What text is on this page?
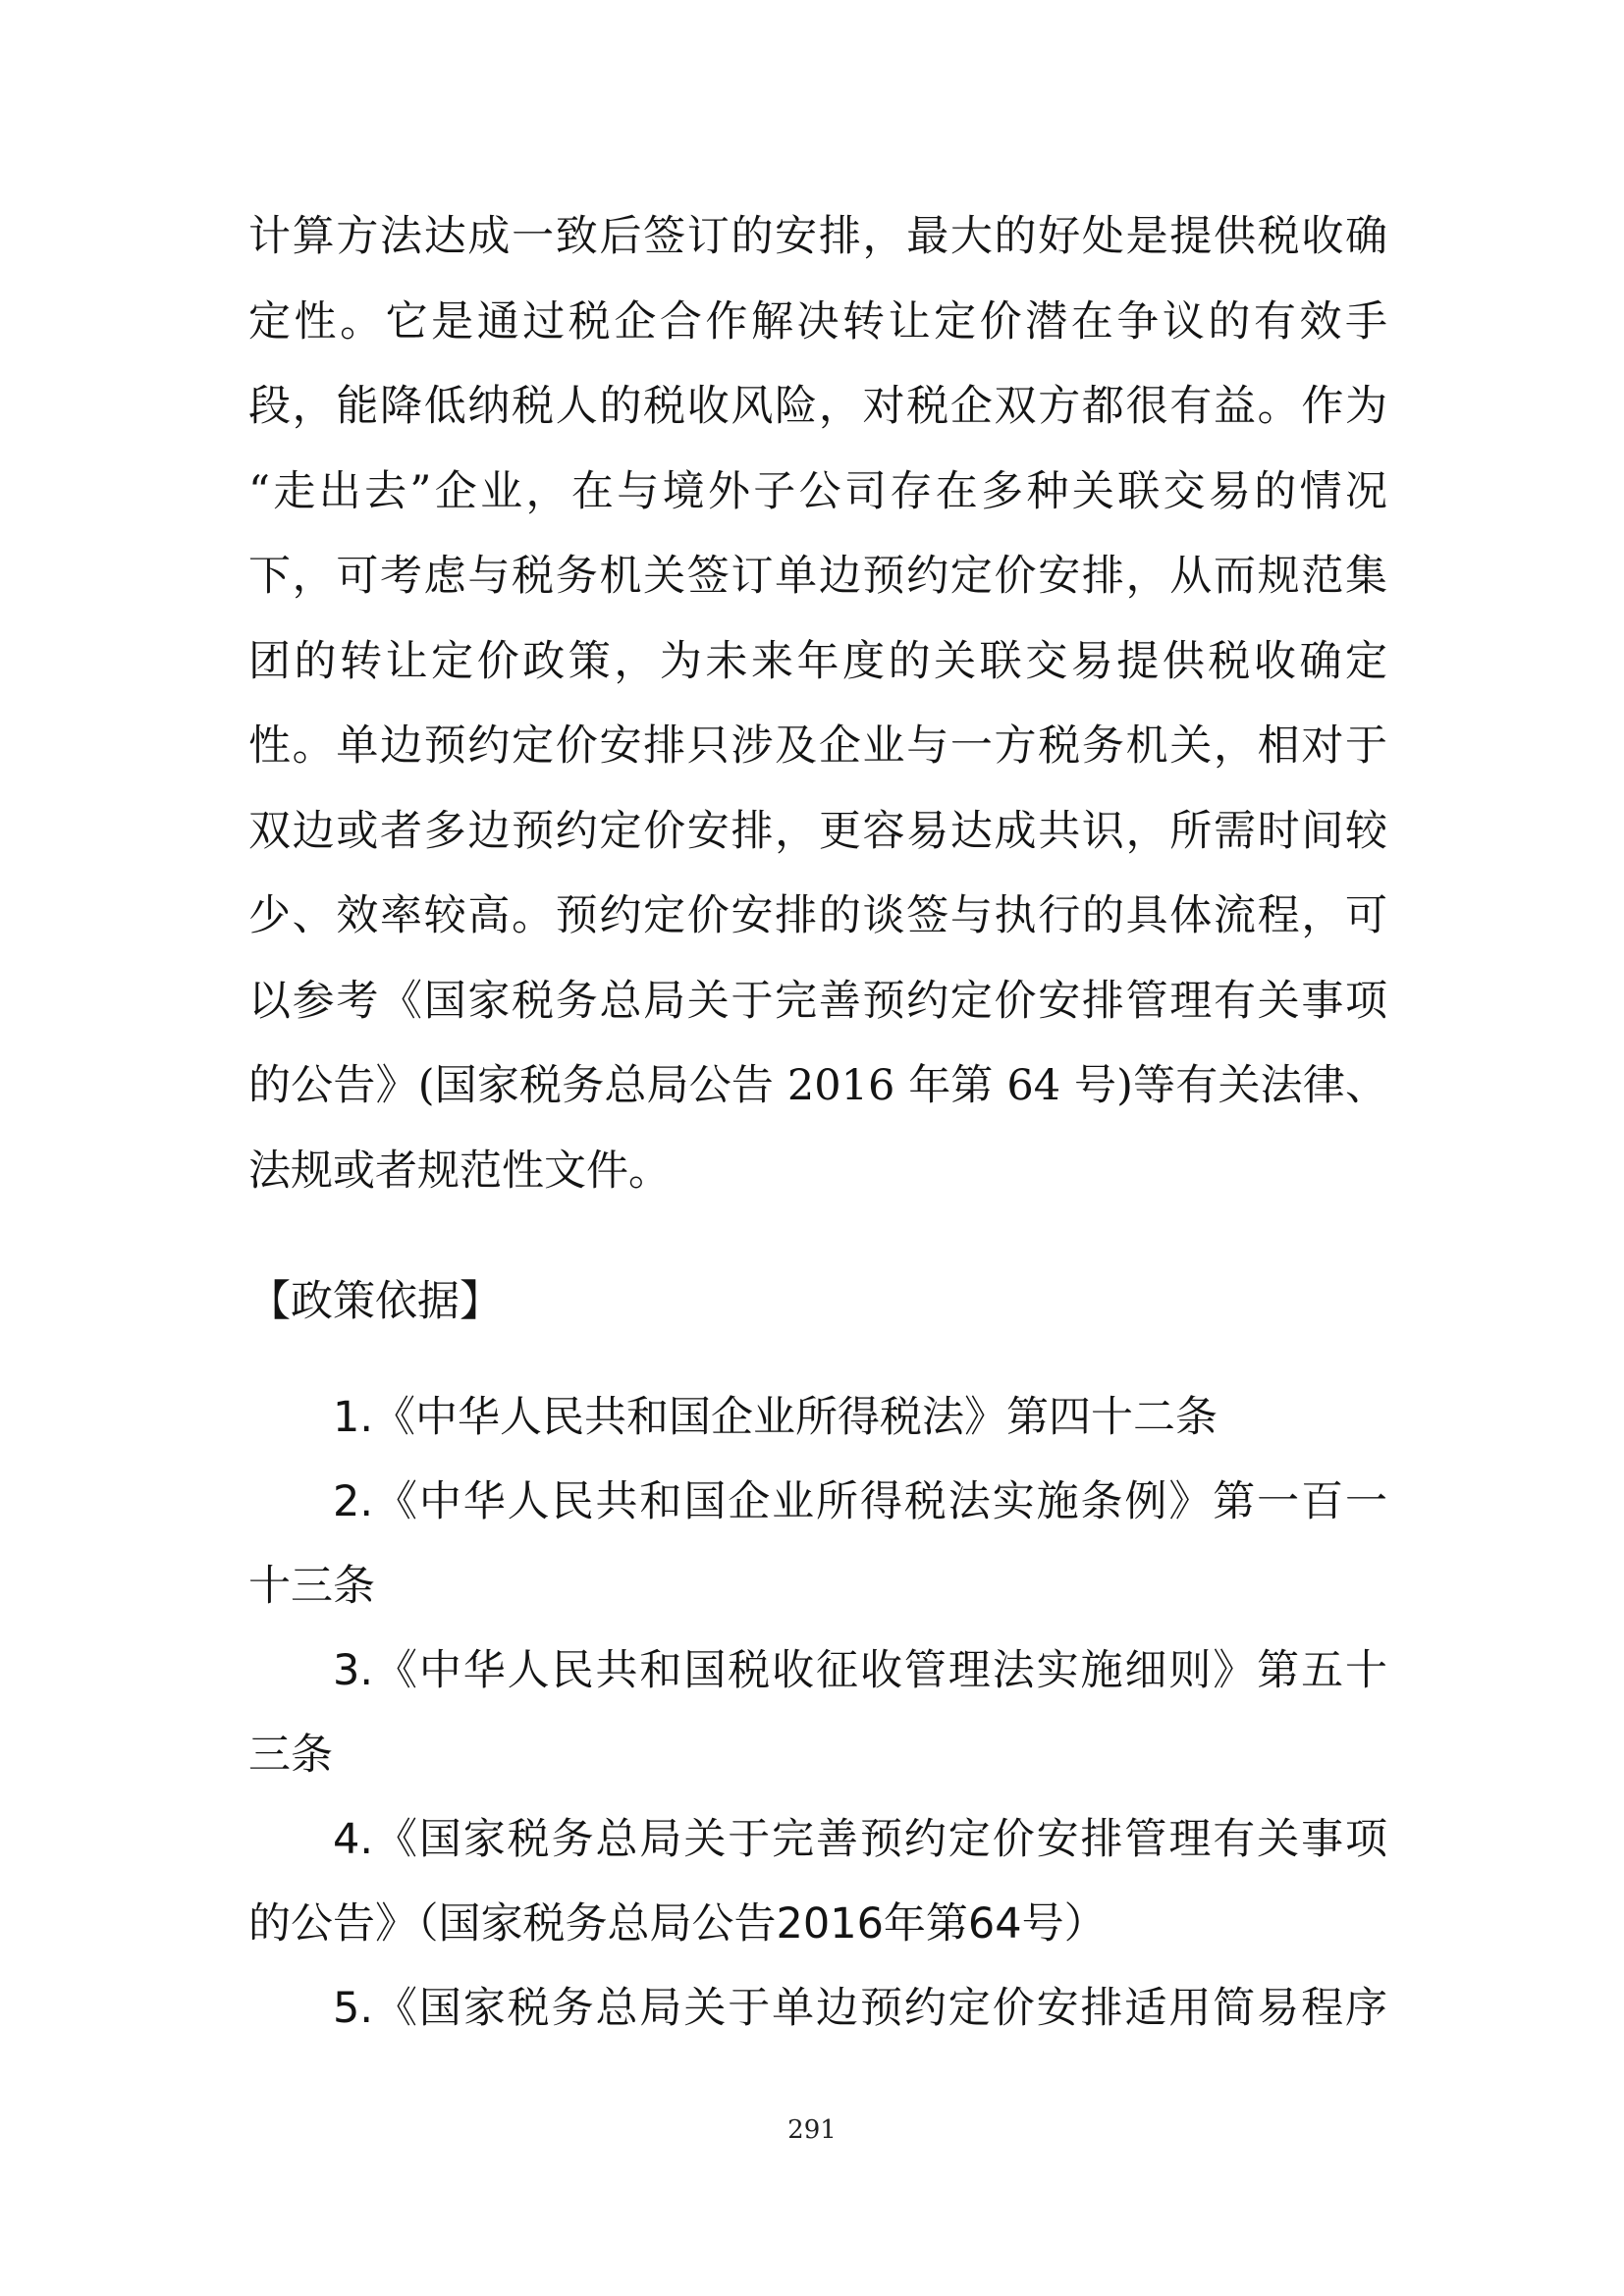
计算方法达成一致后签订的安排，最大的好处是提供税收确
定性。它是通过税企合作解决转让定价潜在争议的有效手
段，能降低纳税人的税收风险，对税企双方都很有益。作为
“走出去”企业，在与境外子公司存在多种关联交易的情况
下，可考虑与税务机关签订单边预约定价安排，从而规范集
团的转让定价政策，为未来年度的关联交易提供税收确定
性。单边预约定价安排只涉及企业与一方税务机关，相对于
双边或者多边预约定价安排，更容易达成共识，所需时间较
少、效率较高。预约定价安排的谈签与执行的具体流程，可
以参考《国家税务总局关于完善预约定价安排管理有关事项
的公告》(国家税务总局公告 2016 年第 64 号)等有关法律、
法规或者规范性文件。
【政策依据】
1.《中华人民共和国企业所得税法》第四十二条
2.《中华人民共和国企业所得税法实施条例》第一百一
十三条
3.《中华人民共和国税收征收管理法实施细则》第五十
三条
4.《国家税务总局关于完善预约定价安排管理有关事项
的公告》（国家税务总局公告2016年第64号）
5.《国家税务总局关于单边预约定价安排适用简易程序
291
